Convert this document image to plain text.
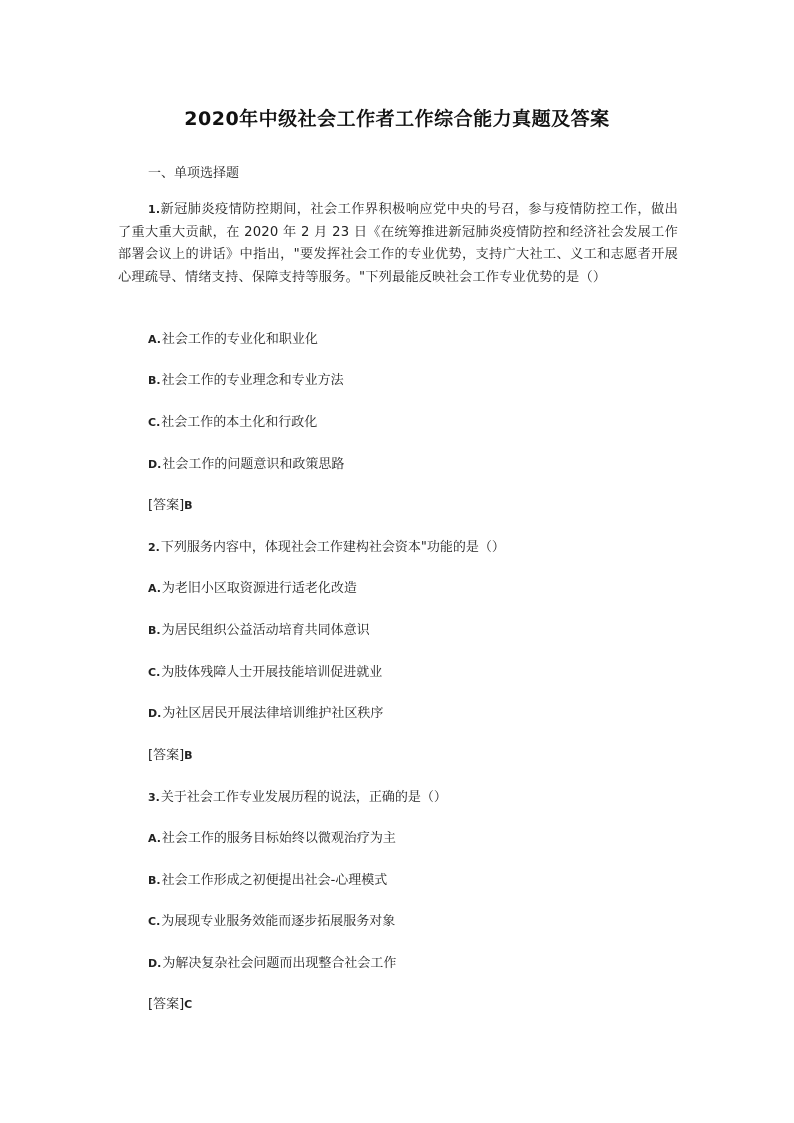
2020年中级社会工作者工作综合能力真题及答案
一、单项选择题
1.新冠肺炎疫情防控期间，社会工作界积极响应党中央的号召，参与疫情防控工作，做出了重大重大贡献，在 2020 年 2 月 23 日《在统筹推进新冠肺炎疫情防控和经济社会发展工作部署会议上的讲话》中指出，"要发挥社会工作的专业优势，支持广大社工、义工和志愿者开展心理疏导、情绪支持、保障支持等服务。"下列最能反映社会工作专业优势的是（）
A.社会工作的专业化和职业化
B.社会工作的专业理念和专业方法
C.社会工作的本土化和行政化
D.社会工作的问题意识和政策思路
[答案]B
2.下列服务内容中，体现社会工作建构社会资本"功能的是（）
A.为老旧小区取资源进行适老化改造
B.为居民组织公益活动培育共同体意识
C.为肢体残障人士开展技能培训促进就业
D.为社区居民开展法律培训维护社区秩序
[答案]B
3.关于社会工作专业发展历程的说法，正确的是（）
A.社会工作的服务目标始终以微观治疗为主
B.社会工作形成之初便提出社会-心理模式
C.为展现专业服务效能而逐步拓展服务对象
D.为解决复杂社会问题而出现整合社会工作
[答案]C
